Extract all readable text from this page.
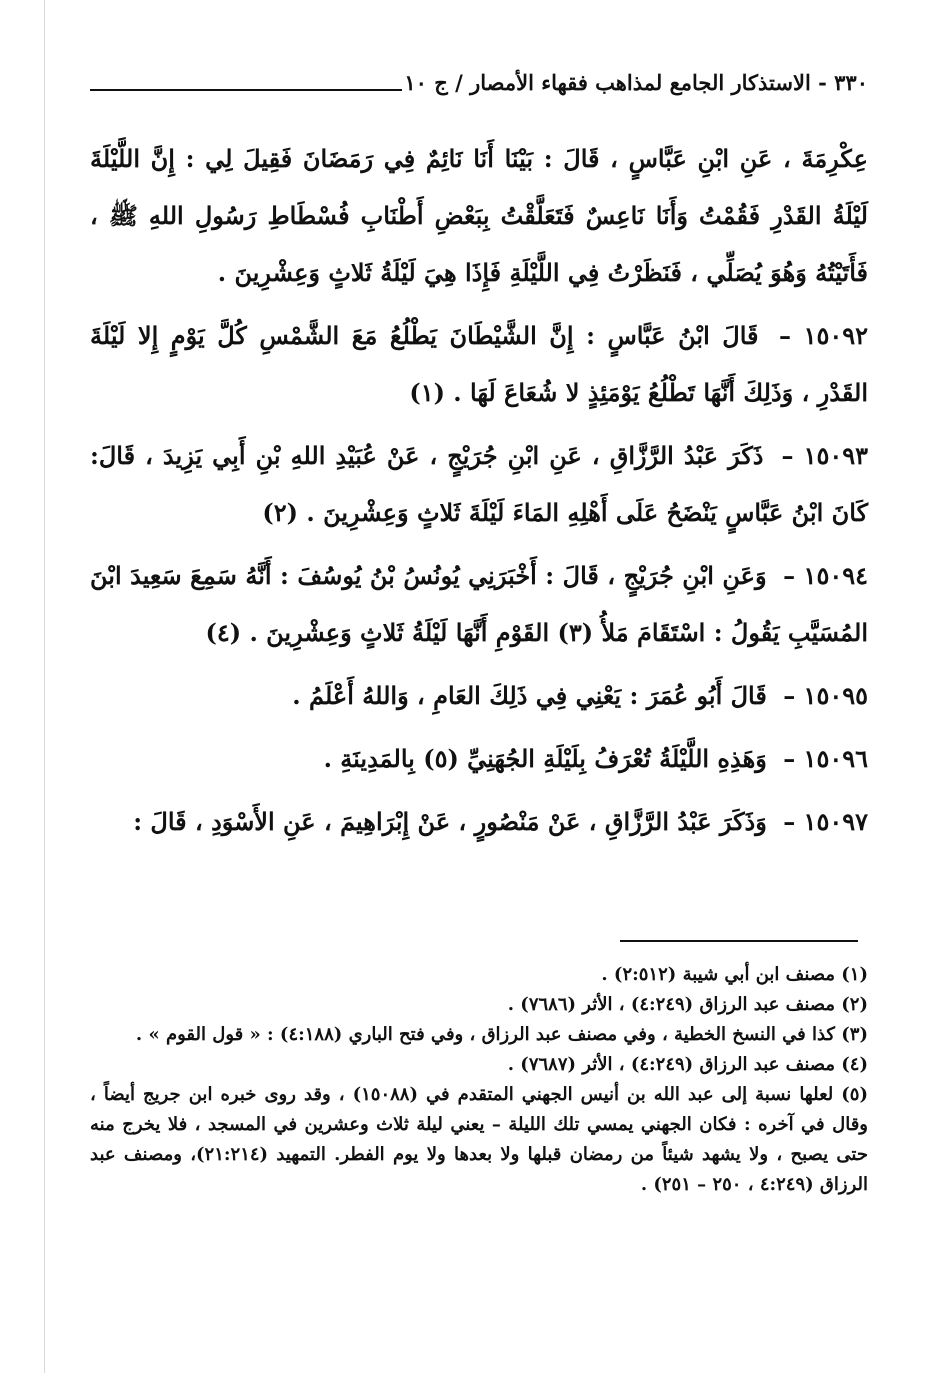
٣٣٠ - الاستذكار الجامع لمذاهب فقهاء الأمصار / ج ١٠

عِكْرِمَةَ ، عَنِ ابْنِ عَبَّاسٍ ، قَالَ : بَيْنَا أَنَا نَائِمٌ فِي رَمَضَانَ فَقِيلَ لِي : إِنَّ اللَّيْلَةَ لَيْلَةُ القَدْرِ فَقُمْتُ وَأَنَا نَاعِسٌ فَتَعَلَّقْتُ بِبَعْضِ أَطْنَابِ فُسْطَاطِ رَسُولِ اللهِ ﷺ ، فَأَتَيْتُهُ وَهُوَ يُصَلِّي ، فَنَظَرْتُ فِي اللَّيْلَةِ فَإِذَا هِيَ لَيْلَةُ ثَلاثٍ وَعِشْرِينَ .

١٥٠٩٢ – قَالَ ابْنُ عَبَّاسٍ : إِنَّ الشَّيْطَانَ يَطْلُعُ مَعَ الشَّمْسِ كُلَّ يَوْمٍ إِلا لَيْلَةَ القَدْرِ ، وَذَلِكَ أَنَّهَا تَطْلُعُ يَوْمَئِذٍ لا شُعَاعَ لَهَا . (١)

١٥٠٩٣ – ذَكَرَ عَبْدُ الرَّزَّاقِ ، عَنِ ابْنِ جُرَيْجٍ ، عَنْ عُبَيْدِ اللهِ بْنِ أَبِي يَزِيدَ ، قَالَ: كَانَ ابْنُ عَبَّاسٍ يَنْضَحُ عَلَى أَهْلِهِ المَاءَ لَيْلَةَ ثَلاثٍ وَعِشْرِينَ . (٢)

١٥٠٩٤ – وَعَنِ ابْنِ جُرَيْجٍ ، قَالَ : أَخْبَرَنِي يُونُسُ بْنُ يُوسُفَ : أَنَّهُ سَمِعَ سَعِيدَ ابْنَ المُسَيَّبِ يَقُولُ : اسْتَقَامَ مَلأُ (٣) القَوْمِ أَنَّهَا لَيْلَةُ ثَلاثٍ وَعِشْرِينَ . (٤)

١٥٠٩٥ – قَالَ أَبُو عُمَرَ : يَعْنِي فِي ذَلِكَ العَامِ ، وَاللهُ أَعْلَمُ .

١٥٠٩٦ – وَهَذِهِ اللَّيْلَةُ تُعْرَفُ بِلَيْلَةِ الجُهَنِيِّ (٥) بِالمَدِينَةِ .

١٥٠٩٧ – وَذَكَرَ عَبْدُ الرَّزَّاقِ ، عَنْ مَنْصُورٍ ، عَنْ إِبْرَاهِيمَ ، عَنِ الأَسْوَدِ ، قَالَ :

(١) مصنف ابن أبي شيبة (٢:٥١٢) .

(٢) مصنف عبد الرزاق (٤:٢٤٩) ، الأثر (٧٦٨٦) .

(٣) كذا في النسخ الخطية ، وفي مصنف عبد الرزاق ، وفي فتح الباري (٤:١٨٨) : « قول القوم » .

(٤) مصنف عبد الرزاق (٤:٢٤٩) ، الأثر (٧٦٨٧) .

(٥) لعلها نسبة إلى عبد الله بن أنيس الجهني المتقدم في (١٥٠٨٨) ، وقد روى خبره ابن جريج أيضاً ، وقال في آخره : فكان الجهني يمسي تلك الليلة – يعني ليلة ثلاث وعشرين في المسجد ، فلا يخرج منه حتى يصبح ، ولا يشهد شيئاً من رمضان قبلها ولا بعدها ولا يوم الفطر. التمهيد (٢١:٢١٤)، ومصنف عبد الرزاق (٤:٢٤٩ ، ٢٥٠ – ٢٥١) .
